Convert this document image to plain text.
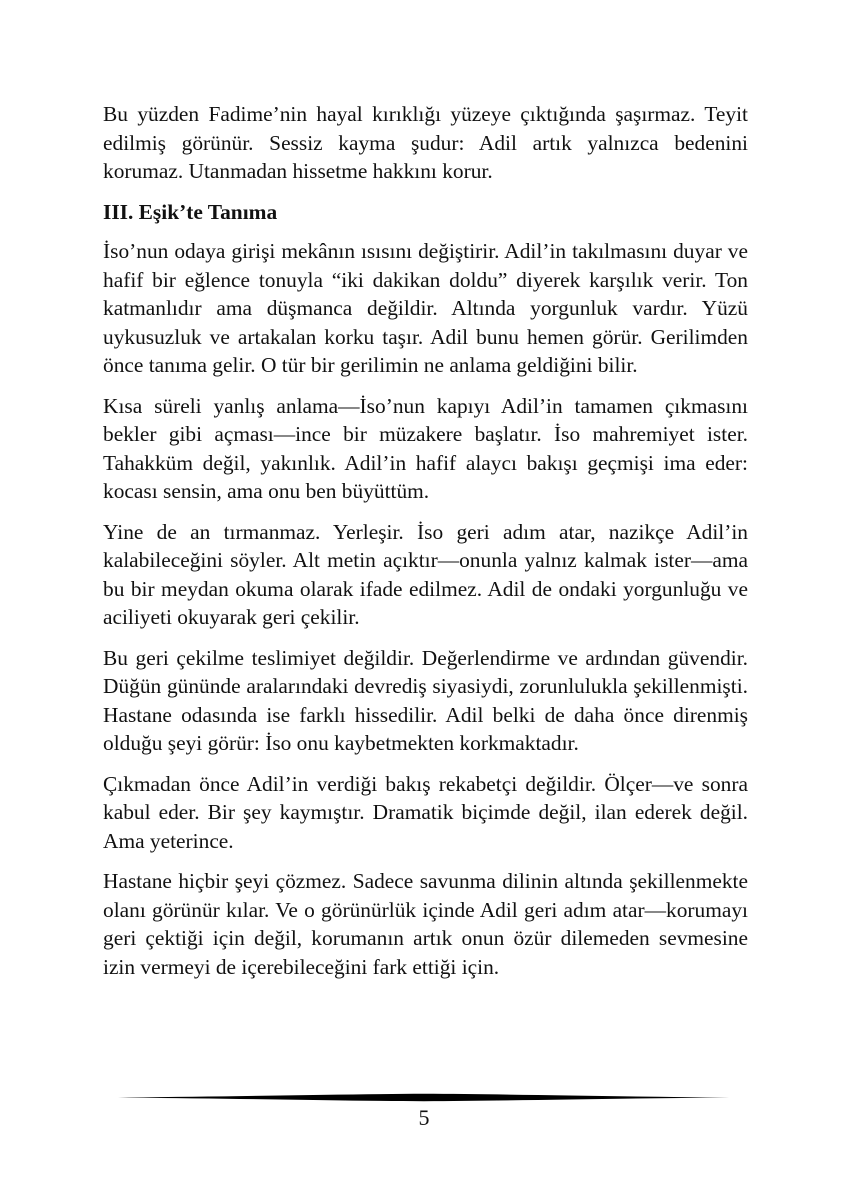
Bu yüzden Fadime’nin hayal kırıklığı yüzeye çıktığında şaşırmaz. Teyit edilmiş görünür. Sessiz kayma şudur: Adil artık yalnızca bedenini korumaz. Utanmadan hissetme hakkını korur.

III. Eşik’te Tanıma

İso’nun odaya girişi mekânın ısısını değiştirir. Adil’in takılmasını duyar ve hafif bir eğlence tonuyla “iki dakikan doldu” diyerek karşılık verir. Ton katmanlıdır ama düşmanca değildir. Altında yorgunluk vardır. Yüzü uykusuzluk ve artakalan korku taşır. Adil bunu hemen görür. Gerilimden önce tanıma gelir. O tür bir gerilimin ne anlama geldiğini bilir.

Kısa süreli yanlış anlama—İso’nun kapıyı Adil’in tamamen çıkmasını bekler gibi açması—ince bir müzakere başlatır. İso mahremiyet ister. Tahakküm değil, yakınlık. Adil’in hafif alaycı bakışı geçmişi ima eder: kocası sensin, ama onu ben büyüttüm.

Yine de an tırmanmaz. Yerleşir. İso geri adım atar, nazikçe Adil’in kalabileceğini söyler. Alt metin açıktır—onunla yalnız kalmak ister—ama bu bir meydan okuma olarak ifade edilmez. Adil de ondaki yorgunluğu ve aciliyeti okuyarak geri çekilir.

Bu geri çekilme teslimiyet değildir. Değerlendirme ve ardından güvendir. Düğün gününde aralarındaki devrediş siyasiydi, zorunlulukla şekillenmişti. Hastane odasında ise farklı hissedilir. Adil belki de daha önce direnmiş olduğu şeyi görür: İso onu kaybetmekten korkmaktadır.

Çıkmadan önce Adil’in verdiği bakış rekabetçi değildir. Ölçer—ve sonra kabul eder. Bir şey kaymıştır. Dramatik biçimde değil, ilan ederek değil. Ama yeterince.

Hastane hiçbir şeyi çözmez. Sadece savunma dilinin altında şekillenmekte olanı görünür kılar. Ve o görünürlük içinde Adil geri adım atar—korumayı geri çektiği için değil, korumanın artık onun özür dilemeden sevmesine izin vermeyi de içerebileceğini fark ettiği için.

5
